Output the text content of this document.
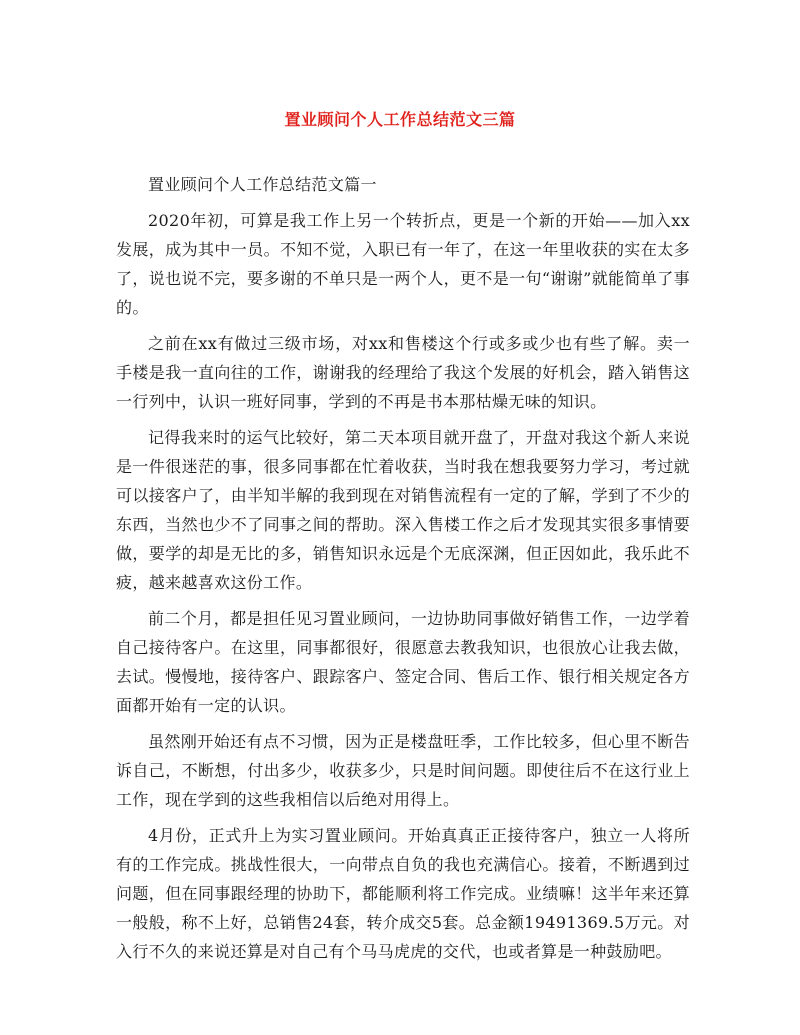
置业顾问个人工作总结范文三篇

置业顾问个人工作总结范文篇一

2020年初，可算是我工作上另一个转折点，更是一个新的开始——加入xx发展，成为其中一员。不知不觉，入职已有一年了，在这一年里收获的实在太多了，说也说不完，要多谢的不单只是一两个人，更不是一句“谢谢”就能简单了事的。

之前在xx有做过三级市场，对xx和售楼这个行或多或少也有些了解。卖一手楼是我一直向往的工作，谢谢我的经理给了我这个发展的好机会，踏入销售这一行列中，认识一班好同事，学到的不再是书本那枯燥无味的知识。

记得我来时的运气比较好，第二天本项目就开盘了，开盘对我这个新人来说是一件很迷茫的事，很多同事都在忙着收获，当时我在想我要努力学习，考过就可以接客户了，由半知半解的我到现在对销售流程有一定的了解，学到了不少的东西，当然也少不了同事之间的帮助。深入售楼工作之后才发现其实很多事情要做，要学的却是无比的多，销售知识永远是个无底深渊，但正因如此，我乐此不疲，越来越喜欢这份工作。

前二个月，都是担任见习置业顾问，一边协助同事做好销售工作，一边学着自己接待客户。在这里，同事都很好，很愿意去教我知识，也很放心让我去做，去试。慢慢地，接待客户、跟踪客户、签定合同、售后工作、银行相关规定各方面都开始有一定的认识。

虽然刚开始还有点不习惯，因为正是楼盘旺季，工作比较多，但心里不断告诉自己，不断想，付出多少，收获多少，只是时间问题。即使往后不在这行业上工作，现在学到的这些我相信以后绝对用得上。

4月份，正式升上为实习置业顾问。开始真真正正接待客户，独立一人将所有的工作完成。挑战性很大，一向带点自负的我也充满信心。接着，不断遇到过问题，但在同事跟经理的协助下，都能顺利将工作完成。业绩嘛！这半年来还算一般般，称不上好，总销售24套，转介成交5套。总金额19491369.5万元。对入行不久的来说还算是对自己有个马马虎虎的交代，也或者算是一种鼓励吧。
